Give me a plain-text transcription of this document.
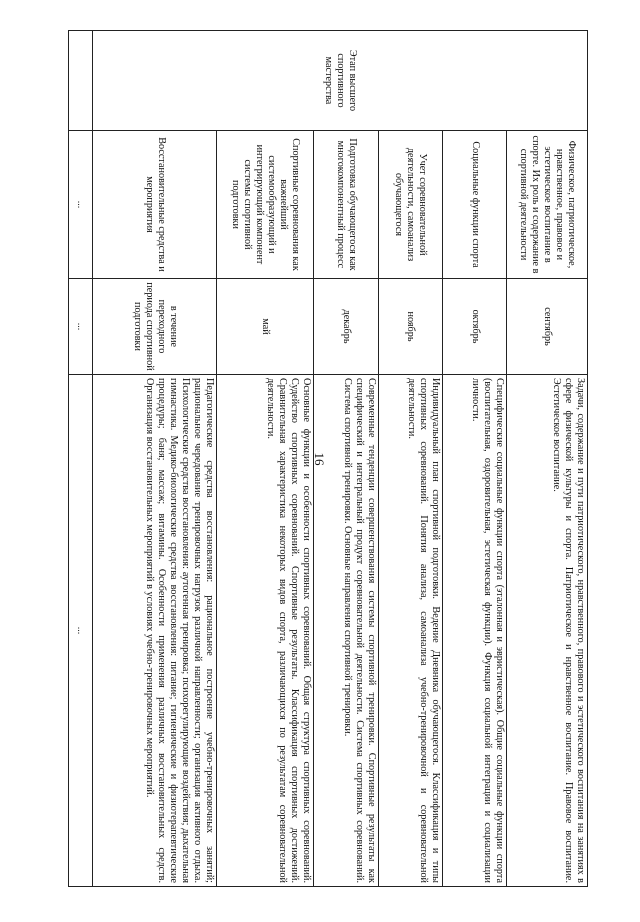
16
Этап высшего спортивного мастерства	Физическое, патриотическое, нравственное, правовое и эстетическое воспитание в спорте. Их роль и содержание в спортивной деятельности	сентябрь	Задачи, содержание и пути патриотического, нравственного, правового и эстетического воспитания на занятиях в сфере физической культуры и спорта. Патриотическое и нравственное воспитание. Правовое воспитание. Эстетическое воспитание.
	Социальные функции спорта	октябрь	Специфические социальные функции спорта (эталонная и эвристическая). Общие социальные функции спорта (воспитательная, оздоровительная, эстетическая функции). Функция социальной интеграции и социализации личности.
	Учет соревновательной деятельности, самоанализ обучающегося	ноябрь	Индивидуальный план спортивной подготовки. Ведение Дневника обучающегося. Классификация и типы спортивных соревнований. Понятия анализа, самоанализа учебно-тренировочной и соревновательной деятельности.
	Подготовка обучающегося как многокомпонентный процесс	декабрь	Современные тенденции совершенствования системы спортивной тренировки. Спортивные результаты как специфический и интегральный продукт соревновательной деятельности. Система спортивных соревнований. Система спортивной тренировки. Основные направления спортивной тренировки.
	Спортивные соревнования как важнейший системообразующий и интегрирующий компонент системы спортивной подготовки	май	Основные функции и особенности спортивных соревнований. Общая структура спортивных соревнований. Судейство спортивных соревнований. Спортивные результаты. Классификация спортивных достижений. Сравнительная характеристика некоторых видов спорта, различающихся по результатам соревновательной деятельности.
	Восстановительные средства и мероприятия	в течение переходного периода спортивной подготовки	Педагогические средства восстановления: рациональное построение учебно-тренировочных занятий; рациональное чередование тренировочных нагрузок различной направленности; организация активного отдыха. Психологические средства восстановления: аутогенная тренировка; психорегулирующие воздействия; дыхательная гимнастика. Медико-биологические средства восстановления: питание; гигиенические и физиотерапевтические процедуры; баня; массаж; витамины. Особенности применения различных восстановительных средств. Организация восстановительных мероприятий в условиях учебно-тренировочных мероприятий.
	...	...	...
